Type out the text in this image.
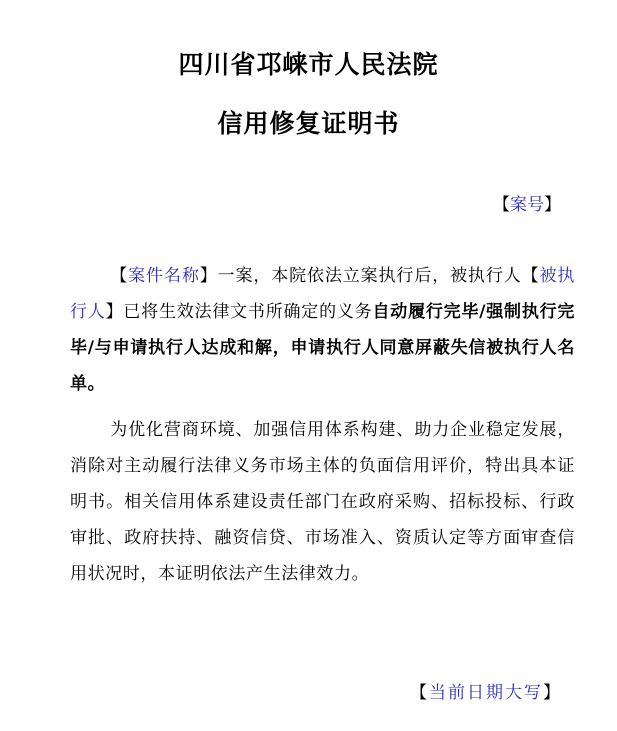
四川省邛崃市人民法院
信用修复证明书
【案号】
【案件名称】一案，本院依法立案执行后，被执行人【被执行人】已将生效法律文书所确定的义务自动履行完毕/强制执行完毕/与申请执行人达成和解，申请执行人同意屏蔽失信被执行人名单。
为优化营商环境、加强信用体系构建、助力企业稳定发展，消除对主动履行法律义务市场主体的负面信用评价，特出具本证明书。相关信用体系建设责任部门在政府采购、招标投标、行政审批、政府扶持、融资信贷、市场准入、资质认定等方面审查信用状况时，本证明依法产生法律效力。
【当前日期大写】
